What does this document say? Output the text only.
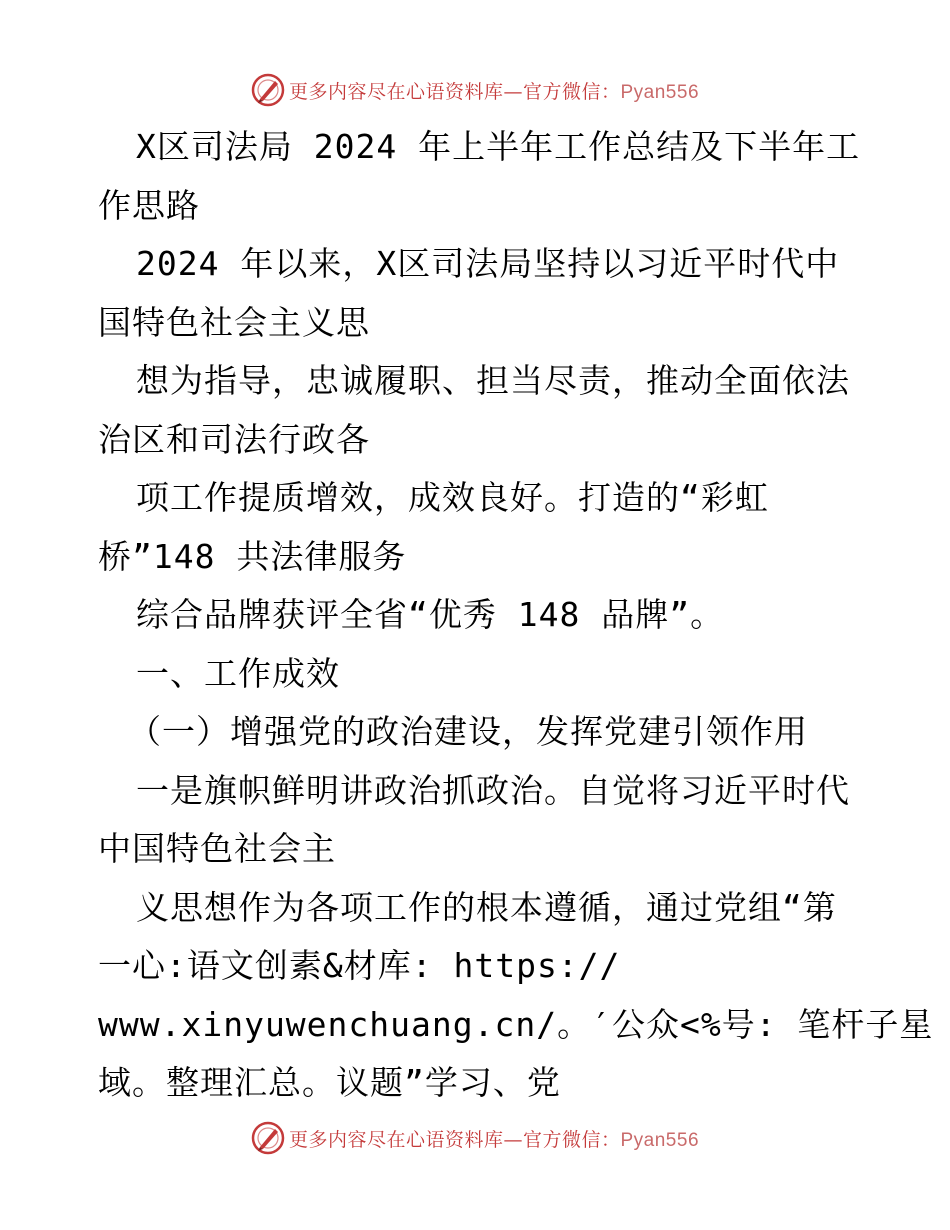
更多内容尽在心语资料库—官方微信：Pyan556
X区司法局 2024 年上半年工作总结及下半年工
作思路
2024 年以来，X区司法局坚持以习近平时代中
国特色社会主义思
想为指导，忠诚履职、担当尽责，推动全面依法
治区和司法行政各
项工作提质增效，成效良好。打造的“彩虹
桥”148 共法律服务
综合品牌获评全省“优秀 148 品牌”。
一、工作成效
（一）增强党的政治建设，发挥党建引领作用
一是旗帜鲜明讲政治抓政治。自觉将习近平时代
中国特色社会主
义思想作为各项工作的根本遵循，通过党组“第
一心:语文创素&材库: https://
www.xinyuwenchuang.cn/。′公众<%号: 笔杆子星
域。整理汇总。议题”学习、党
更多内容尽在心语资料库—官方微信：Pyan556
